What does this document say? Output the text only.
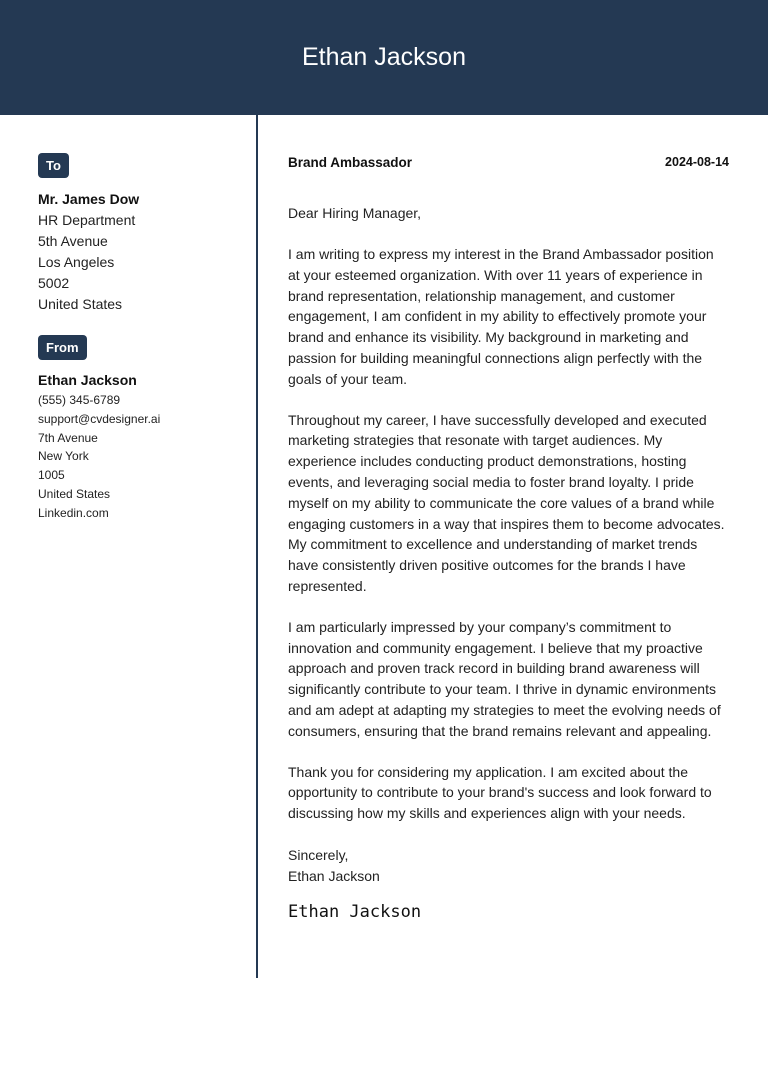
Ethan Jackson
To
Mr. James Dow
HR Department
5th Avenue
Los Angeles
5002
United States
From
Ethan Jackson
(555) 345-6789
support@cvdesigner.ai
7th Avenue
New York
1005
United States
Linkedin.com
Brand Ambassador	2024-08-14
Dear Hiring Manager,
I am writing to express my interest in the Brand Ambassador position at your esteemed organization. With over 11 years of experience in brand representation, relationship management, and customer engagement, I am confident in my ability to effectively promote your brand and enhance its visibility. My background in marketing and passion for building meaningful connections align perfectly with the goals of your team.
Throughout my career, I have successfully developed and executed marketing strategies that resonate with target audiences. My experience includes conducting product demonstrations, hosting events, and leveraging social media to foster brand loyalty. I pride myself on my ability to communicate the core values of a brand while engaging customers in a way that inspires them to become advocates. My commitment to excellence and understanding of market trends have consistently driven positive outcomes for the brands I have represented.
I am particularly impressed by your company’s commitment to innovation and community engagement. I believe that my proactive approach and proven track record in building brand awareness will significantly contribute to your team. I thrive in dynamic environments and am adept at adapting my strategies to meet the evolving needs of consumers, ensuring that the brand remains relevant and appealing.
Thank you for considering my application. I am excited about the opportunity to contribute to your brand's success and look forward to discussing how my skills and experiences align with your needs.
Sincerely,
Ethan Jackson
Ethan Jackson
